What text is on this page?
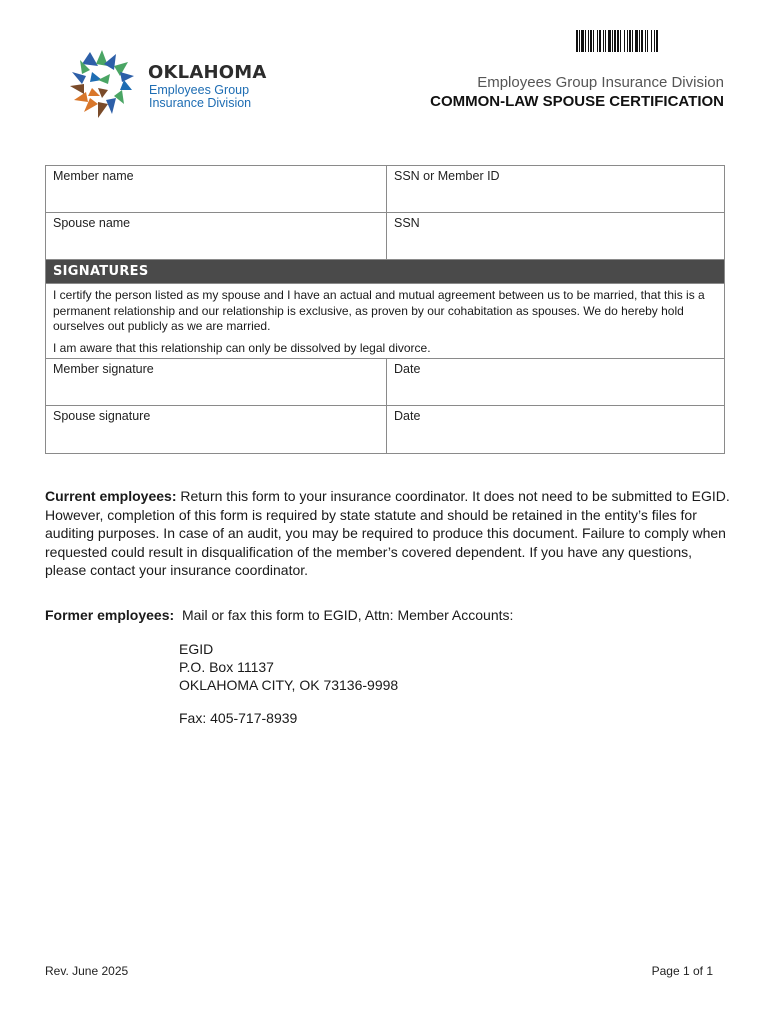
OKLAHOMA
Employees Group
Insurance Division
Employees Group Insurance Division
COMMON-LAW SPOUSE CERTIFICATION
Member name	SSN or Member ID
Spouse name	SSN
SIGNATURES

I certify the person listed as my spouse and I have an actual and mutual agreement between us to be married, that this is a permanent relationship and our relationship is exclusive, as proven by our cohabitation as spouses. We do hereby hold ourselves out publicly as we are married.

I am aware that this relationship can only be dissolved by legal divorce.

Member signature	Date
Spouse signature	Date
Current employees: Return this form to your insurance coordinator. It does not need to be submitted to EGID. However, completion of this form is required by state statute and should be retained in the entity’s files for auditing purposes. In case of an audit, you may be required to produce this document. Failure to comply when requested could result in disqualification of the member’s covered dependent. If you have any questions, please contact your insurance coordinator.
Former employees:  Mail or fax this form to EGID, Attn: Member Accounts:
EGID
P.O. Box 11137
OKLAHOMA CITY, OK 73136-9998
Fax: 405-717-8939
Rev. June 2025	Page 1 of 1
